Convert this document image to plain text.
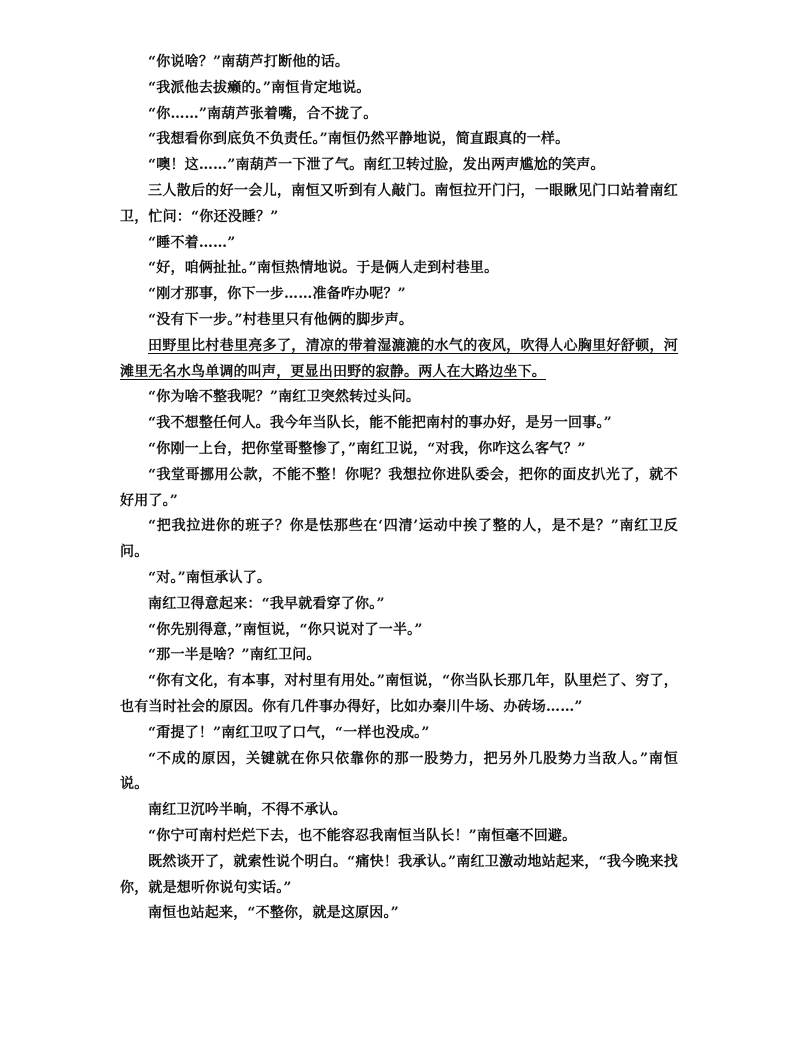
“你说啥？”南葫芦打断他的话。

“我派他去拔癞的。”南恒肯定地说。

“你……”南葫芦张着嘴，合不拢了。

“我想看你到底负不负责任。”南恒仍然平静地说，简直跟真的一样。

“噢！这……”南葫芦一下泄了气。南红卫转过脸，发出两声尴尬的笑声。

三人散后的好一会儿，南恒又听到有人敲门。南恒拉开门闩，一眼瞅见门口站着南红卫，忙问：“你还没睡？”

“睡不着……”

“好，咱俩扯扯。”南恒热情地说。于是俩人走到村巷里。

“刚才那事，你下一步……准备咋办呢？”

“没有下一步。”村巷里只有他俩的脚步声。

田野里比村巷里亮多了，清凉的带着湿漉漉的水气的夜风，吹得人心胸里好舒顿，河滩里无名水鸟单调的叫声，更显出田野的寂静。两人在大路边坐下。

“你为啥不整我呢？”南红卫突然转过头问。

“我不想整任何人。我今年当队长，能不能把南村的事办好，是另一回事。”

“你刚一上台，把你堂哥整惨了，”南红卫说，“对我，你咋这么客气？”

“我堂哥挪用公款，不能不整！你呢？我想拉你进队委会，把你的面皮扒光了，就不好用了。”

“把我拉进你的班子？你是怯那些在‘四清’运动中挨了整的人，是不是？”南红卫反问。

“对。”南恒承认了。

南红卫得意起来：“我早就看穿了你。”

“你先别得意，”南恒说，“你只说对了一半。”

“那一半是啥？”南红卫问。

“你有文化，有本事，对村里有用处。”南恒说，“你当队长那几年，队里烂了、穷了，也有当时社会的原因。你有几件事办得好，比如办秦川牛场、办砖场……”

“甭提了！”南红卫叹了口气，“一样也没成。”

“不成的原因，关键就在你只依靠你的那一股势力，把另外几股势力当敌人。”南恒说。

南红卫沉吟半晌，不得不承认。

“你宁可南村烂烂下去，也不能容忍我南恒当队长！”南恒毫不回避。

既然谈开了，就索性说个明白。“痛快！我承认。”南红卫激动地站起来，“我今晚来找你，就是想听你说句实话。”

南恒也站起来，“不整你，就是这原因。”
